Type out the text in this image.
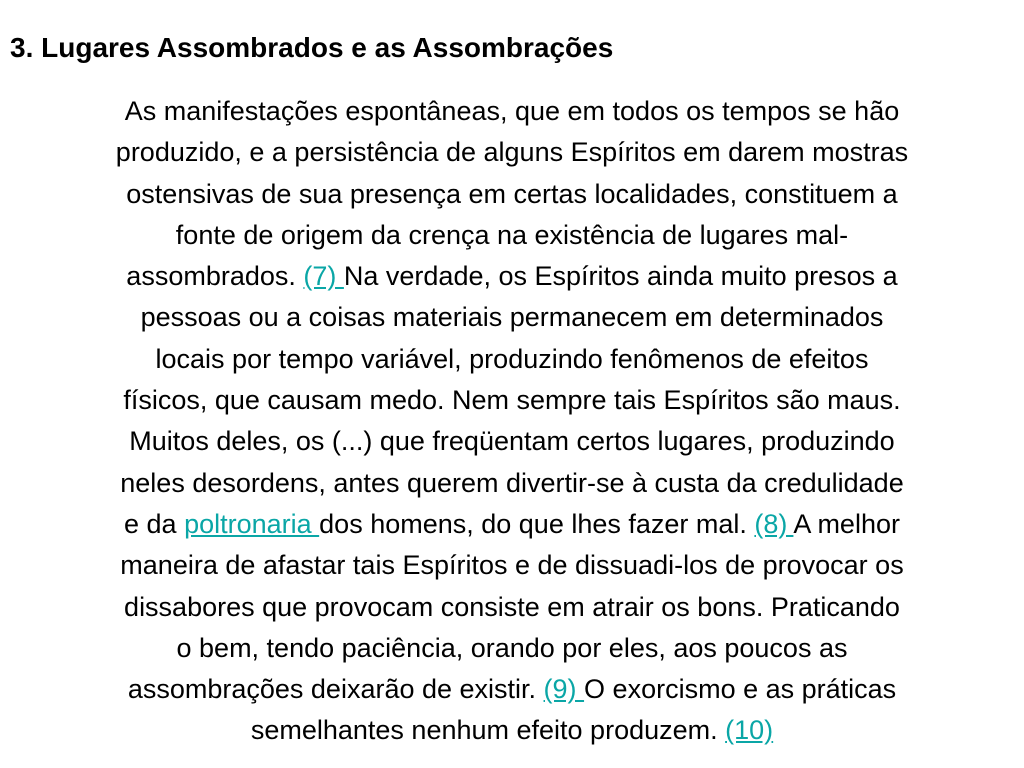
3. Lugares Assombrados e as Assombrações
As manifestações espontâneas, que em todos os tempos se hão
produzido, e a persistência de alguns Espíritos em darem mostras
ostensivas de sua presença em certas localidades, constituem a
fonte de origem da crença na existência de lugares mal-
assombrados. (7) Na verdade, os Espíritos ainda muito presos a
pessoas ou a coisas materiais permanecem em determinados
locais por tempo variável, produzindo fenômenos de efeitos
físicos, que causam medo. Nem sempre tais Espíritos são maus.
Muitos deles, os (...) que freqüentam certos lugares, produzindo
neles desordens, antes querem divertir-se à custa da credulidade
e da poltronaria dos homens, do que lhes fazer mal. (8) A melhor
maneira de afastar tais Espíritos e de dissuadi-los de provocar os
dissabores que provocam consiste em atrair os bons. Praticando
o bem, tendo paciência, orando por eles, aos poucos as
assombrações deixarão de existir. (9) O exorcismo e as práticas
semelhantes nenhum efeito produzem. (10)
